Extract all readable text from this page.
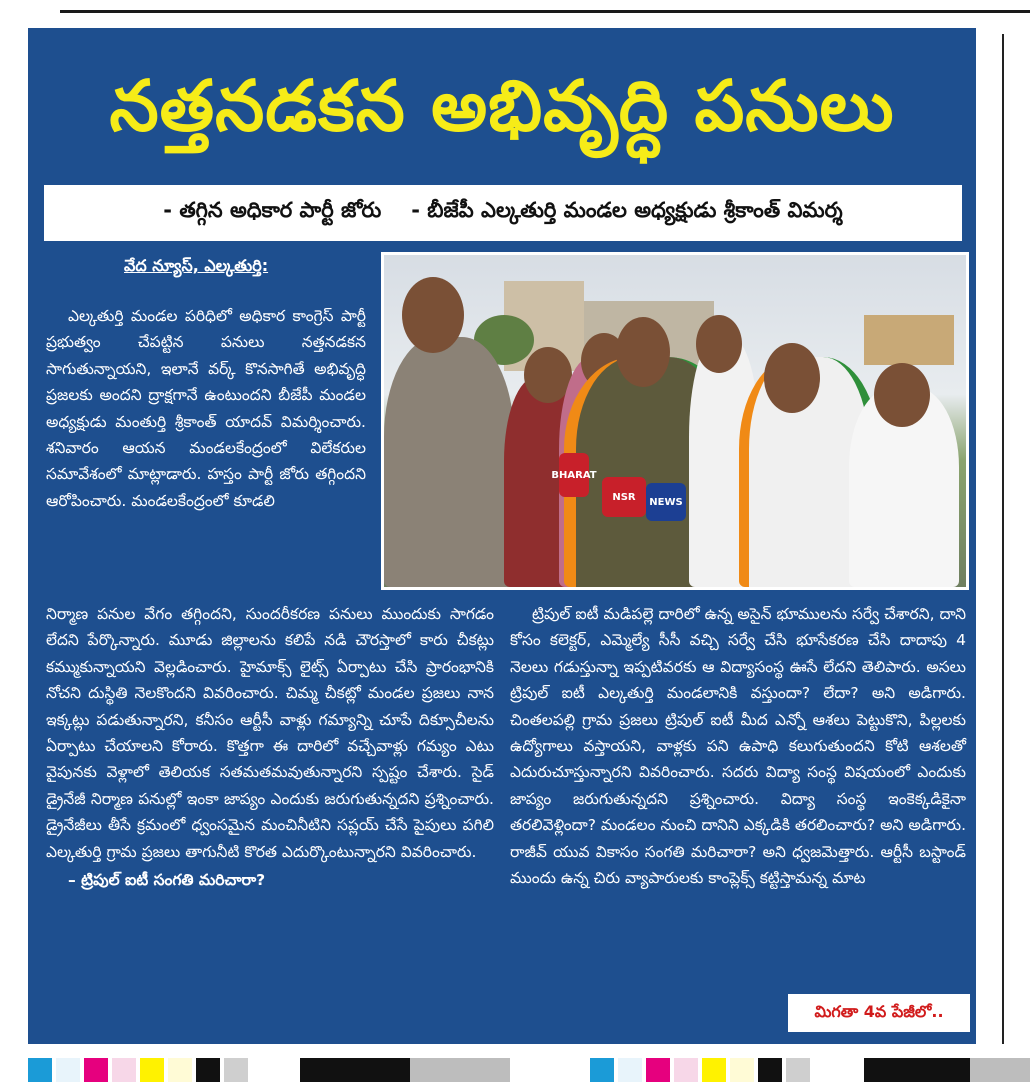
నత్తనడకన అభివృద్ధి పనులు
- తగ్గిన అధికార పార్టీ జోరు - బీజేపీ ఎల్కతుర్తి మండల అధ్యక్షుడు శ్రీకాంత్ విమర్శ
వేద న్యూస్, ఎల్కతుర్తి:

ఎల్కతుర్తి మండల పరిధిలో అధికార కాంగ్రెస్ పార్టీ ప్రభుత్వం చేపట్టిన పనులు నత్తనడకన సాగుతున్నాయని, ఇలానే వర్క్ కొనసాగితే అభివృద్ధి ప్రజలకు అందని ద్రాక్షగానే ఉంటుందని బీజేపీ మండల అధ్యక్షుడు మంతుర్తి శ్రీకాంత్ యాదవ్ విమర్శించారు. శనివారం ఆయన మండలకేంద్రంలో విలేకరుల సమావేశంలో మాట్లాడారు. హస్తం పార్టీ జోరు తగ్గిందని ఆరోపించారు. మండలకేంద్రంలో కూడలి

BHARAT
NSR	NEWS

నిర్మాణ పనుల వేగం తగ్గిందని, సుందరీకరణ పనులు ముందుకు సాగడం లేదని పేర్కొన్నారు. మూడు జిల్లాలను కలిపే నడి చౌరస్తాలో కారు చీకట్లు కమ్ముకున్నాయని వెల్లడించారు. హైమాక్స్ లైట్స్ ఏర్పాటు చేసి ప్రారంభానికి నోచని దుస్థితి నెలకొందని వివరించారు. చిమ్మ చీకట్లో మండల ప్రజలు నాన ఇక్కట్లు పడుతున్నారని, కనీసం ఆర్టీసీ వాళ్లు గమ్యాన్ని చూపే దిక్సూచీలను ఏర్పాటు చేయాలని కోరారు. కొత్తగా ఈ దారిలో వచ్చేవాళ్లు గమ్యం ఎటు వైపునకు వెళ్లాలో తెలియక సతమతమవుతున్నారని స్పష్టం చేశారు. సైడ్ డ్రైనేజీ నిర్మాణ పనుల్లో ఇంకా జాప్యం ఎందుకు జరుగుతున్నదని ప్రశ్నించారు. డ్రైనేజీలు తీసే క్రమంలో ధ్వంసమైన మంచినీటిని సప్లయ్ చేసే పైపులు పగిలి ఎల్కతుర్తి గ్రామ ప్రజలు తాగునీటి కొరత ఎదుర్కొంటున్నారని వివరించారు.

– ట్రిపుల్ ఐటీ సంగతి మరిచారా?

ట్రిపుల్ ఐటీ మడిపల్లె దారిలో ఉన్న అసైన్ భూములను సర్వే చేశారని, దాని కోసం కలెక్టర్, ఎమ్మెల్యే సీసీ వచ్చి సర్వే చేసి భూసేకరణ చేసి దాదాపు 4 నెలలు గడుస్తున్నా ఇప్పటివరకు ఆ విద్యాసంస్థ ఊసే లేదని తెలిపారు. అసలు ట్రిపుల్ ఐటీ ఎల్కతుర్తి మండలానికి వస్తుందా? లేదా? అని అడిగారు. చింతలపల్లి గ్రామ ప్రజలు ట్రిపుల్ ఐటీ మీద ఎన్నో ఆశలు పెట్టుకొని, పిల్లలకు ఉద్యోగాలు వస్తాయని, వాళ్లకు పని ఉపాధి కలుగుతుందని కోటి ఆశలతో ఎదురుచూస్తున్నారని వివరించారు. సదరు విద్యా సంస్థ విషయంలో ఎందుకు జాప్యం జరుగుతున్నదని ప్రశ్నించారు. విద్యా సంస్థ ఇంకెక్కడికైనా తరలివెళ్లిందా? మండలం నుంచి దానిని ఎక్కడికి తరలించారు? అని అడిగారు. రాజీవ్ యువ వికాసం సంగతి మరిచారా? అని ధ్వజమెత్తారు. ఆర్టీసీ బస్టాండ్ ముందు ఉన్న చిరు వ్యాపారులకు కాంప్లెక్స్ కట్టిస్తామన్న మాట

మిగతా 4వ పేజీలో..
